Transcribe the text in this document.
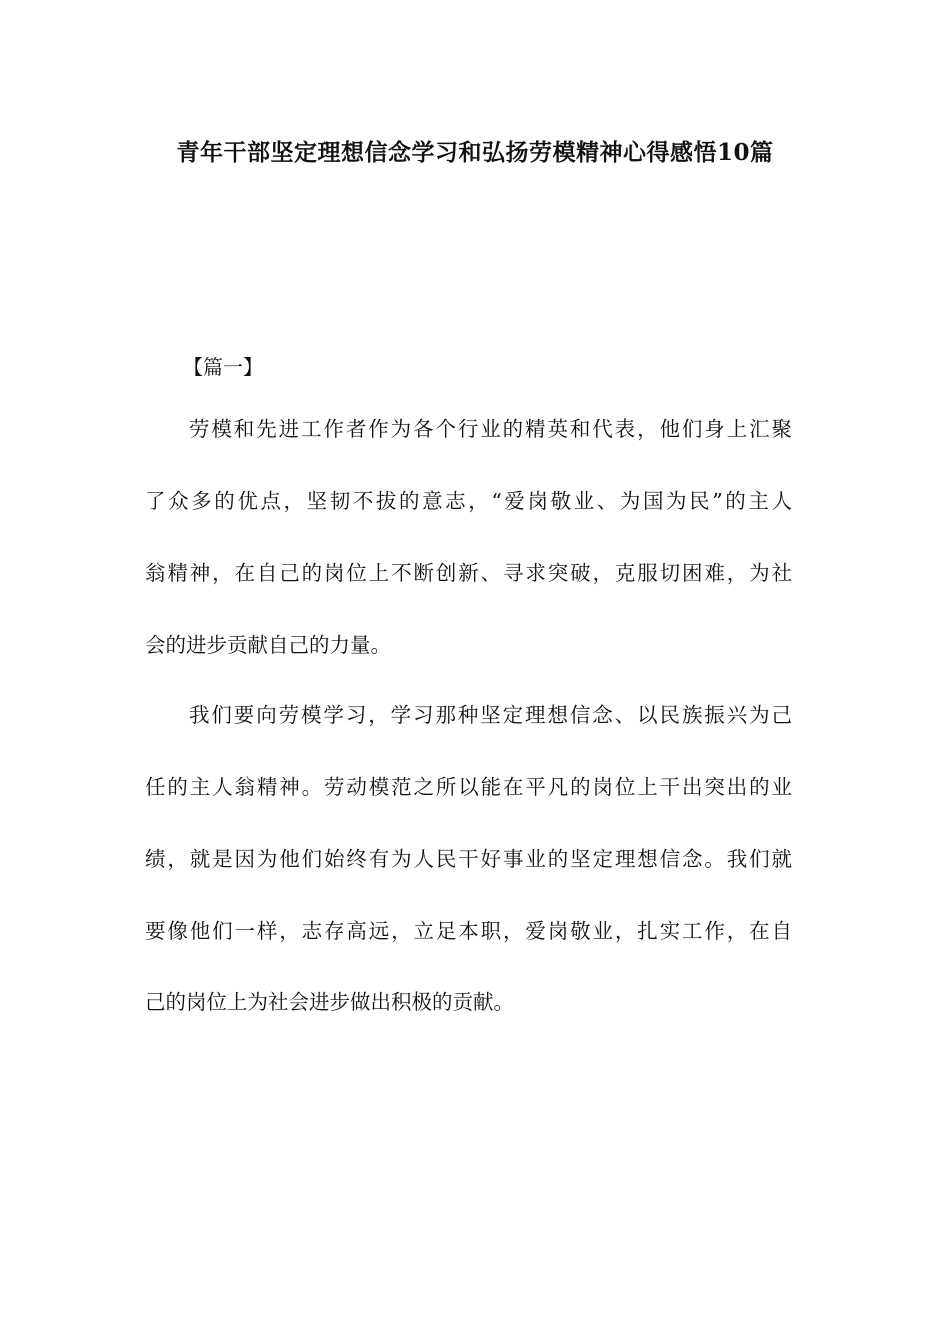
青年干部坚定理想信念学习和弘扬劳模精神心得感悟10篇

【篇一】

劳模和先进工作者作为各个行业的精英和代表，他们身上汇聚

了众多的优点，坚韧不拔的意志，“爱岗敬业、为国为民”的主人

翁精神，在自己的岗位上不断创新、寻求突破，克服切困难，为社

会的进步贡献自己的力量。

我们要向劳模学习，学习那种坚定理想信念、以民族振兴为己

任的主人翁精神。劳动模范之所以能在平凡的岗位上干出突出的业

绩，就是因为他们始终有为人民干好事业的坚定理想信念。我们就

要像他们一样，志存高远，立足本职，爱岗敬业，扎实工作，在自

己的岗位上为社会进步做出积极的贡献。
